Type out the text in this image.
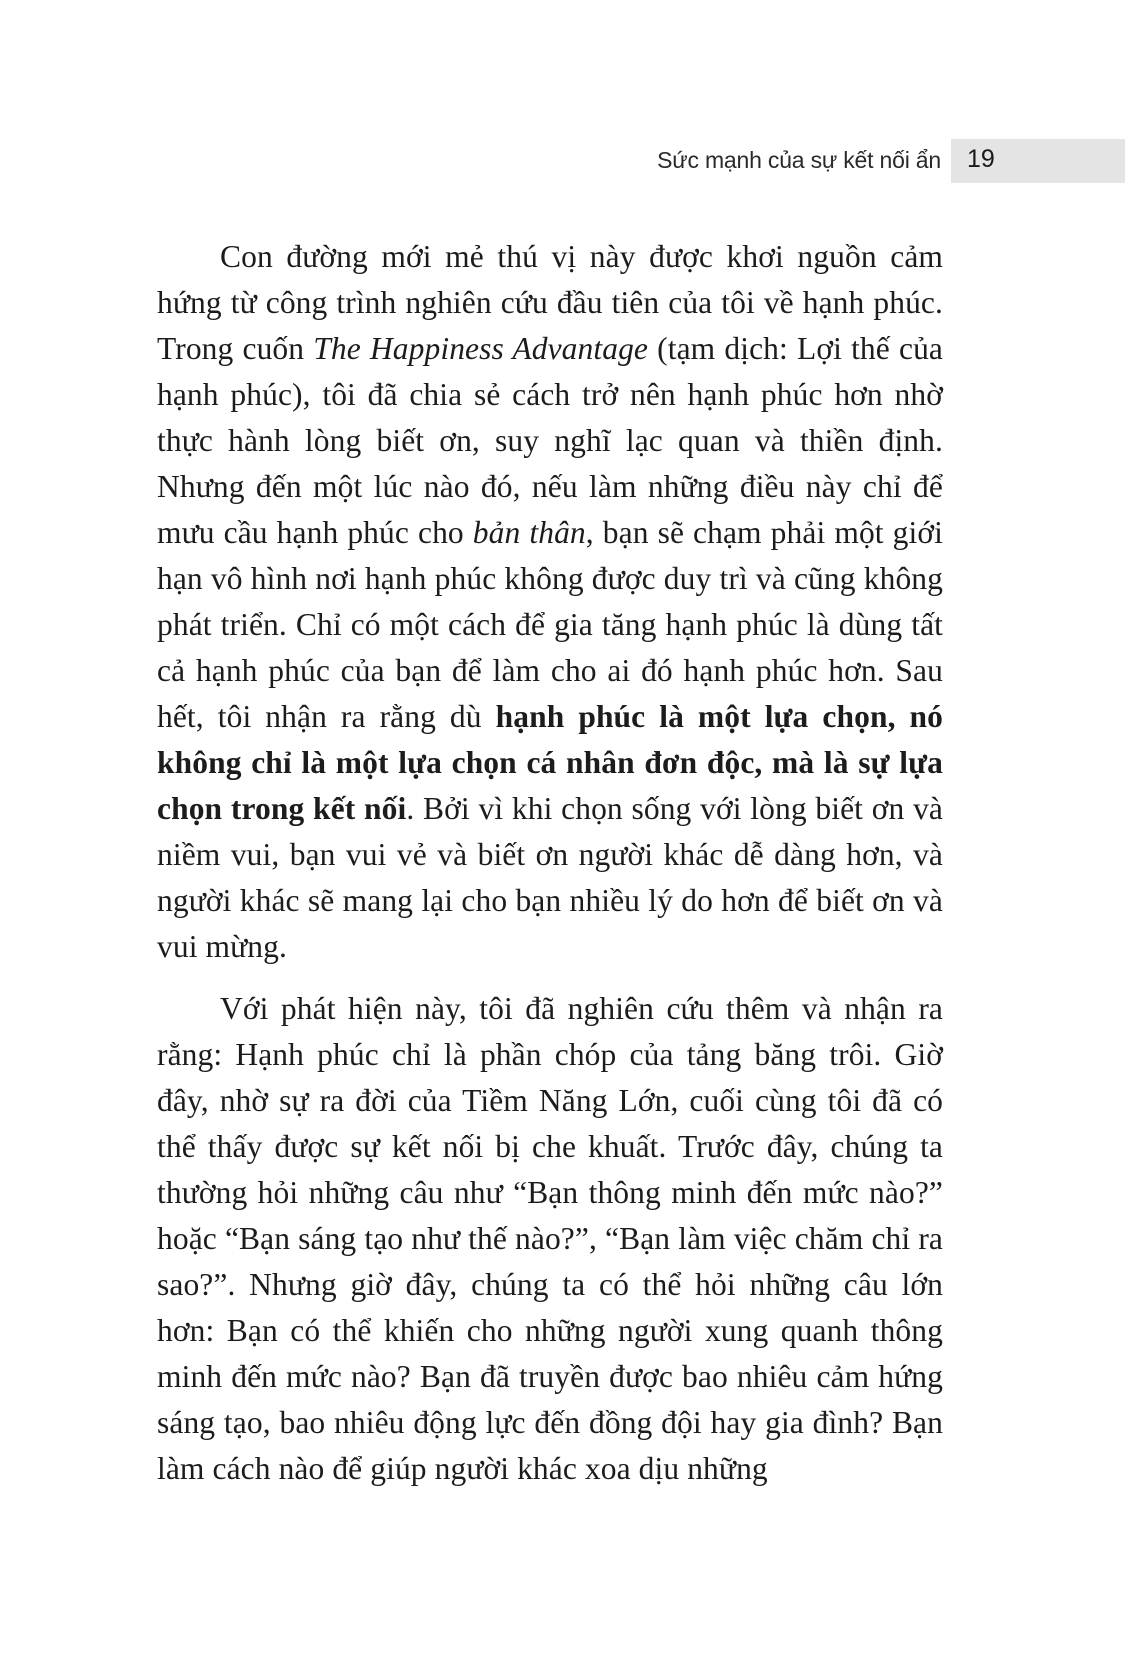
Sức mạnh của sự kết nối ẩn 19

Con đường mới mẻ thú vị này được khơi nguồn cảm hứng từ công trình nghiên cứu đầu tiên của tôi về hạnh phúc. Trong cuốn The Happiness Advantage (tạm dịch: Lợi thế của hạnh phúc), tôi đã chia sẻ cách trở nên hạnh phúc hơn nhờ thực hành lòng biết ơn, suy nghĩ lạc quan và thiền định. Nhưng đến một lúc nào đó, nếu làm những điều này chỉ để mưu cầu hạnh phúc cho bản thân, bạn sẽ chạm phải một giới hạn vô hình nơi hạnh phúc không được duy trì và cũng không phát triển. Chỉ có một cách để gia tăng hạnh phúc là dùng tất cả hạnh phúc của bạn để làm cho ai đó hạnh phúc hơn. Sau hết, tôi nhận ra rằng dù hạnh phúc là một lựa chọn, nó không chỉ là một lựa chọn cá nhân đơn độc, mà là sự lựa chọn trong kết nối. Bởi vì khi chọn sống với lòng biết ơn và niềm vui, bạn vui vẻ và biết ơn người khác dễ dàng hơn, và người khác sẽ mang lại cho bạn nhiều lý do hơn để biết ơn và vui mừng.

Với phát hiện này, tôi đã nghiên cứu thêm và nhận ra rằng: Hạnh phúc chỉ là phần chóp của tảng băng trôi. Giờ đây, nhờ sự ra đời của Tiềm Năng Lớn, cuối cùng tôi đã có thể thấy được sự kết nối bị che khuất. Trước đây, chúng ta thường hỏi những câu như “Bạn thông minh đến mức nào?” hoặc “Bạn sáng tạo như thế nào?”, “Bạn làm việc chăm chỉ ra sao?”. Nhưng giờ đây, chúng ta có thể hỏi những câu lớn hơn: Bạn có thể khiến cho những người xung quanh thông minh đến mức nào? Bạn đã truyền được bao nhiêu cảm hứng sáng tạo, bao nhiêu động lực đến đồng đội hay gia đình? Bạn làm cách nào để giúp người khác xoa dịu những
